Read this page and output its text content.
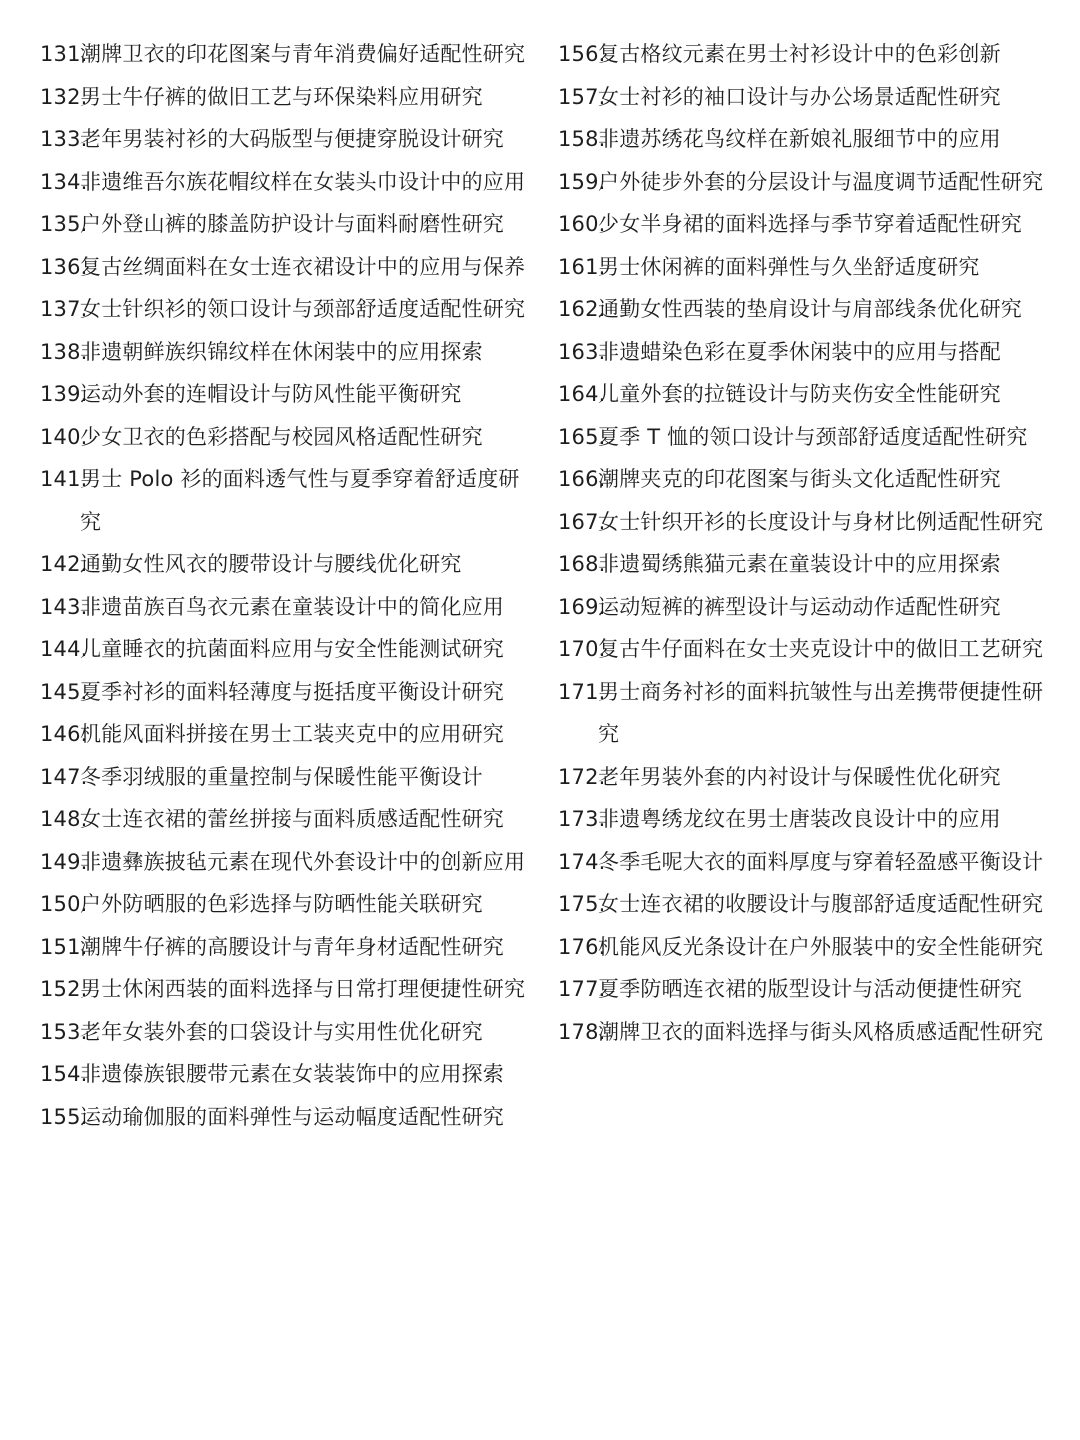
131.
潮牌卫衣的印花图案与青年消费偏好适配性研究
132.
男士牛仔裤的做旧工艺与环保染料应用研究
133.
老年男装衬衫的大码版型与便捷穿脱设计研究
134.
非遗维吾尔族花帽纹样在女装头巾设计中的应用
135.
户外登山裤的膝盖防护设计与面料耐磨性研究
136.
复古丝绸面料在女士连衣裙设计中的应用与保养
137.
女士针织衫的领口设计与颈部舒适度适配性研究
138.
非遗朝鲜族织锦纹样在休闲装中的应用探索
139.
运动外套的连帽设计与防风性能平衡研究
140.
少女卫衣的色彩搭配与校园风格适配性研究
141.
男士 Polo 衫的面料透气性与夏季穿着舒适度研究
142.
通勤女性风衣的腰带设计与腰线优化研究
143.
非遗苗族百鸟衣元素在童装设计中的简化应用
144.
儿童睡衣的抗菌面料应用与安全性能测试研究
145.
夏季衬衫的面料轻薄度与挺括度平衡设计研究
146.
机能风面料拼接在男士工装夹克中的应用研究
147.
冬季羽绒服的重量控制与保暖性能平衡设计
148.
女士连衣裙的蕾丝拼接与面料质感适配性研究
149.
非遗彝族披毡元素在现代外套设计中的创新应用
150.
户外防晒服的色彩选择与防晒性能关联研究
151.
潮牌牛仔裤的高腰设计与青年身材适配性研究
152.
男士休闲西装的面料选择与日常打理便捷性研究
153.
老年女装外套的口袋设计与实用性优化研究
154.
非遗傣族银腰带元素在女装装饰中的应用探索
155.
运动瑜伽服的面料弹性与运动幅度适配性研究
156.
复古格纹元素在男士衬衫设计中的色彩创新
157.
女士衬衫的袖口设计与办公场景适配性研究
158.
非遗苏绣花鸟纹样在新娘礼服细节中的应用
159.
户外徒步外套的分层设计与温度调节适配性研究
160.
少女半身裙的面料选择与季节穿着适配性研究
161.
男士休闲裤的面料弹性与久坐舒适度研究
162.
通勤女性西装的垫肩设计与肩部线条优化研究
163.
非遗蜡染色彩在夏季休闲装中的应用与搭配
164.
儿童外套的拉链设计与防夹伤安全性能研究
165.
夏季 T 恤的领口设计与颈部舒适度适配性研究
166.
潮牌夹克的印花图案与街头文化适配性研究
167.
女士针织开衫的长度设计与身材比例适配性研究
168.
非遗蜀绣熊猫元素在童装设计中的应用探索
169.
运动短裤的裤型设计与运动动作适配性研究
170.
复古牛仔面料在女士夹克设计中的做旧工艺研究
171.
男士商务衬衫的面料抗皱性与出差携带便捷性研究
172.
老年男装外套的内衬设计与保暖性优化研究
173.
非遗粤绣龙纹在男士唐装改良设计中的应用
174.
冬季毛呢大衣的面料厚度与穿着轻盈感平衡设计
175.
女士连衣裙的收腰设计与腹部舒适度适配性研究
176.
机能风反光条设计在户外服装中的安全性能研究
177.
夏季防晒连衣裙的版型设计与活动便捷性研究
178.
潮牌卫衣的面料选择与街头风格质感适配性研究
